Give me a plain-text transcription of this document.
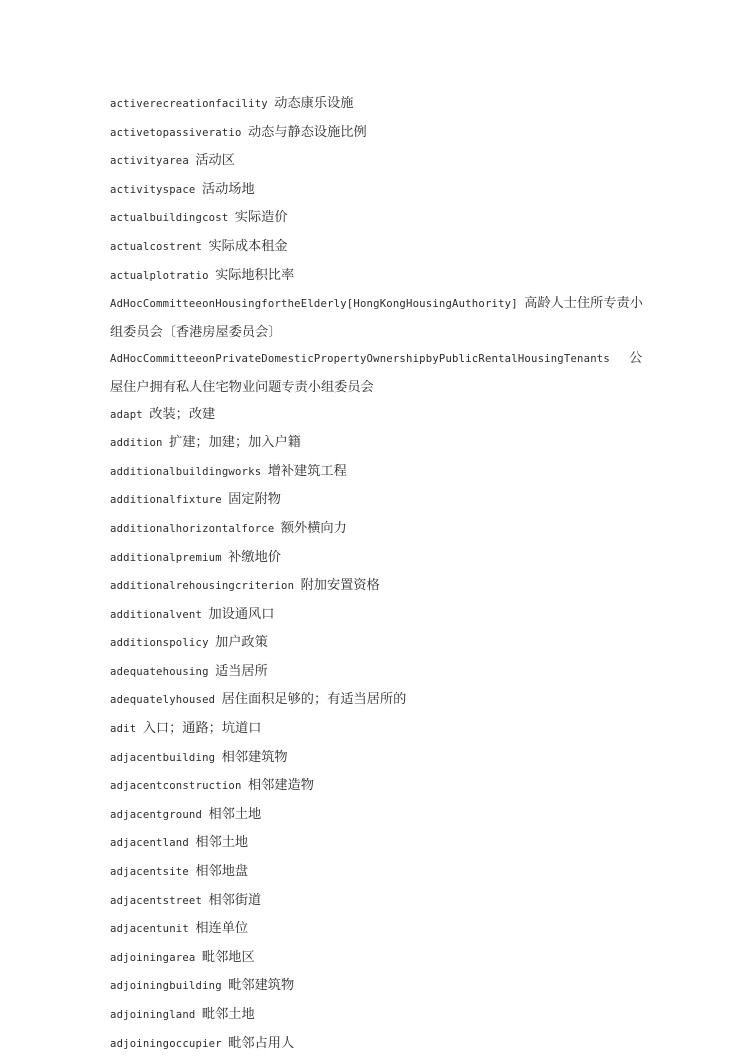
activerecreationfacility 动态康乐设施

activetopassiveratio 动态与静态设施比例

activityarea 活动区

activityspace 活动场地

actualbuildingcost 实际造价

actualcostrent 实际成本租金

actualplotratio 实际地积比率

AdHocCommitteeonHousingfortheElderly[HongKongHousingAuthority] 高龄人士住所专责小组委员会〔香港房屋委员会〕

AdHocCommitteeonPrivateDomesticPropertyOwnershipbyPublicRentalHousingTenants 公屋住户拥有私人住宅物业问题专责小组委员会

adapt 改装；改建

addition 扩建；加建；加入户籍

additionalbuildingworks 增补建筑工程

additionalfixture 固定附物

additionalhorizontalforce 额外横向力

additionalpremium 补缴地价

additionalrehousingcriterion 附加安置资格

additionalvent 加设通风口

additionspolicy 加户政策

adequatehousing 适当居所

adequatelyhoused 居住面积足够的；有适当居所的

adit 入口；通路；坑道口

adjacentbuilding 相邻建筑物

adjacentconstruction 相邻建造物

adjacentground 相邻土地

adjacentland 相邻土地

adjacentsite 相邻地盘

adjacentstreet 相邻街道

adjacentunit 相连单位

adjoiningarea 毗邻地区

adjoiningbuilding 毗邻建筑物

adjoiningland 毗邻土地

adjoiningoccupier 毗邻占用人
